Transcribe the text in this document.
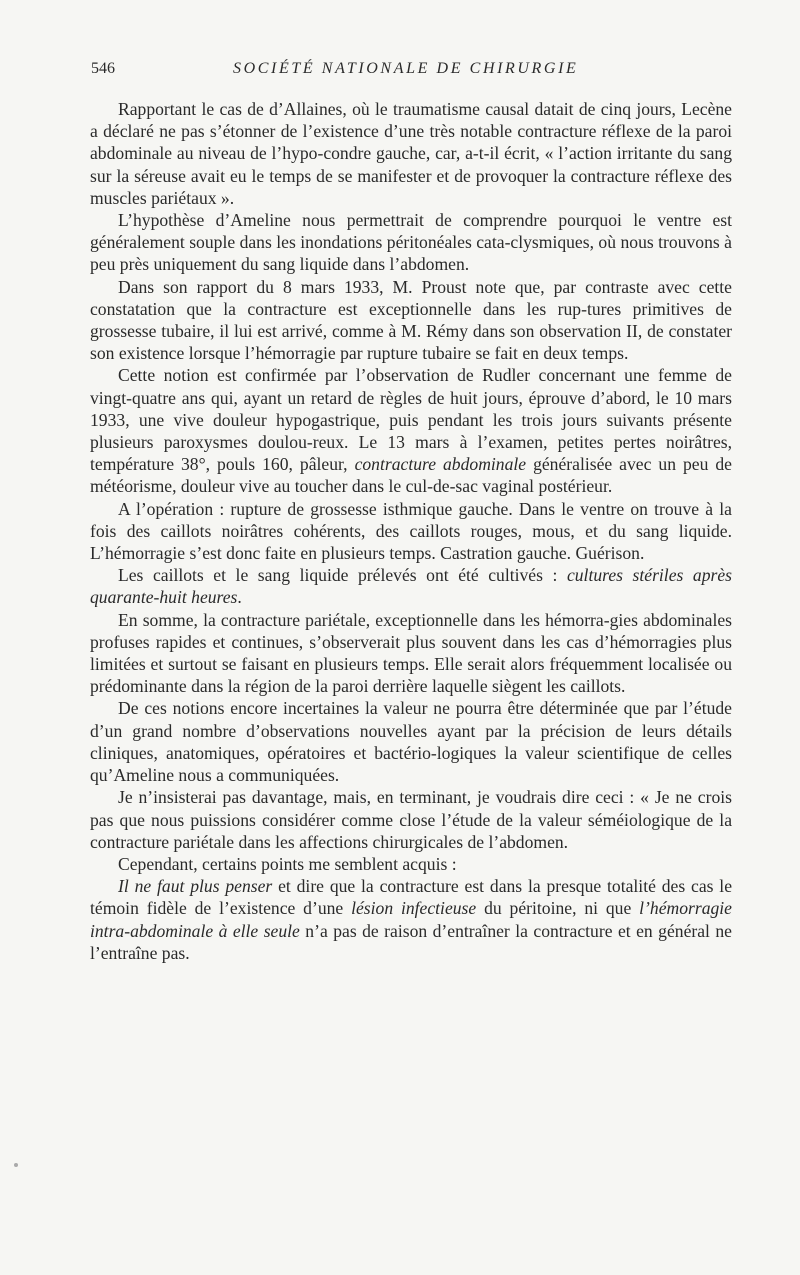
546	SOCIÉTÉ NATIONALE DE CHIRURGIE

Rapportant le cas de d’Allaines, où le traumatisme causal datait de cinq jours, Lecène a déclaré ne pas s’étonner de l’existence d’une très notable contracture réflexe de la paroi abdominale au niveau de l’hypo-condre gauche, car, a-t-il écrit, « l’action irritante du sang sur la séreuse avait eu le temps de se manifester et de provoquer la contracture réflexe des muscles pariétaux ».

L’hypothèse d’Ameline nous permettrait de comprendre pourquoi le ventre est généralement souple dans les inondations péritonéales cata-clysmiques, où nous trouvons à peu près uniquement du sang liquide dans l’abdomen.

Dans son rapport du 8 mars 1933, M. Proust note que, par contraste avec cette constatation que la contracture est exceptionnelle dans les rup-tures primitives de grossesse tubaire, il lui est arrivé, comme à M. Rémy dans son observation II, de constater son existence lorsque l’hémorragie par rupture tubaire se fait en deux temps.

Cette notion est confirmée par l’observation de Rudler concernant une femme de vingt-quatre ans qui, ayant un retard de règles de huit jours, éprouve d’abord, le 10 mars 1933, une vive douleur hypogastrique, puis pendant les trois jours suivants présente plusieurs paroxysmes doulou-reux. Le 13 mars à l’examen, petites pertes noirâtres, température 38°, pouls 160, pâleur, contracture abdominale généralisée avec un peu de météorisme, douleur vive au toucher dans le cul-de-sac vaginal postérieur.

A l’opération : rupture de grossesse isthmique gauche. Dans le ventre on trouve à la fois des caillots noirâtres cohérents, des caillots rouges, mous, et du sang liquide. L’hémorragie s’est donc faite en plusieurs temps. Castration gauche. Guérison.

Les caillots et le sang liquide prélevés ont été cultivés : cultures stériles après quarante-huit heures.

En somme, la contracture pariétale, exceptionnelle dans les hémorra-gies abdominales profuses rapides et continues, s’observerait plus souvent dans les cas d’hémorragies plus limitées et surtout se faisant en plusieurs temps. Elle serait alors fréquemment localisée ou prédominante dans la région de la paroi derrière laquelle siègent les caillots.

De ces notions encore incertaines la valeur ne pourra être déterminée que par l’étude d’un grand nombre d’observations nouvelles ayant par la précision de leurs détails cliniques, anatomiques, opératoires et bactério-logiques la valeur scientifique de celles qu’Ameline nous a communiquées.

Je n’insisterai pas davantage, mais, en terminant, je voudrais dire ceci : « Je ne crois pas que nous puissions considérer comme close l’étude de la valeur séméiologique de la contracture pariétale dans les affections chirurgicales de l’abdomen.

Cependant, certains points me semblent acquis :

Il ne faut plus penser et dire que la contracture est dans la presque totalité des cas le témoin fidèle de l’existence d’une lésion infectieuse du péritoine, ni que l’hémorragie intra-abdominale à elle seule n’a pas de raison d’entraîner la contracture et en général ne l’entraîne pas.
